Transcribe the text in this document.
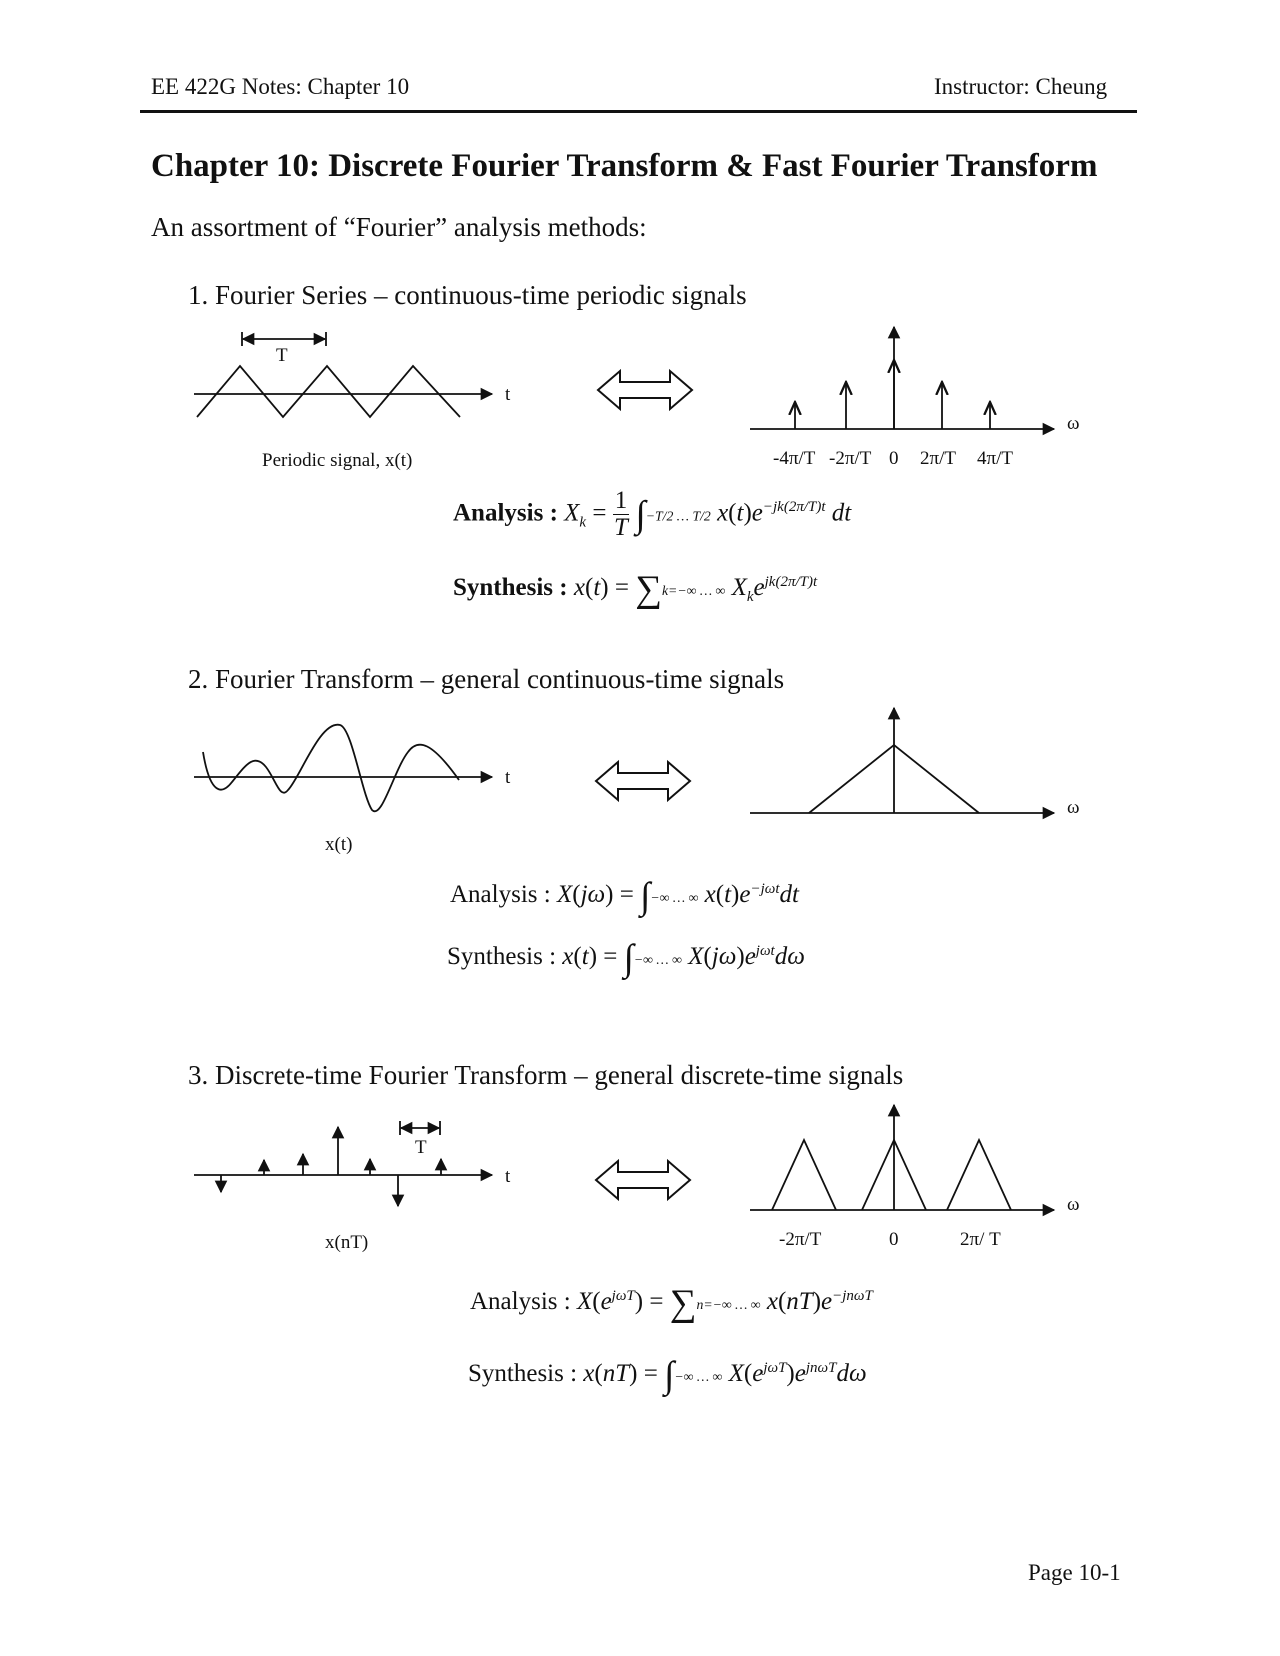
EE 422G Notes: Chapter 10	Instructor: Cheung
Chapter 10: Discrete Fourier Transform & Fast Fourier Transform
An assortment of “Fourier” analysis methods:
1. Fourier Series – continuous-time periodic signals
2. Fourier Transform – general continuous-time signals
3. Discrete-time Fourier Transform – general discrete-time signals
T
t
ω
-4π/T -2π/T 0 2π/T 4π/T
Periodic signal, x(t)
t
x(t)
ω
T
t
x(nT)
ω
-2π/T	0	2π/ T
Analysis : $X_k = \frac{1}{T} \int-T/2$ … T/2 $x(t)e^{-jk(2\pi/T)t}$ dt
Synthesis : x(t) = ∑k=−∞ … ∞ $X_ke^{jk(2\pi/T)t}$
Analysis : X(jω) = ∫−∞ … ∞ $x(t)e^{-j\omega t}dt$
Synthesis : x(t) = ∫−∞ … ∞ $X(j\omega)e^{j\omega t}d\omega$
Analysis : $X(e^{j\omega T}) = \sum n=-\infty$ … ∞ $x(nT)e^{-jn\omega T}$
Synthesis : x(nT) = ∫−∞ … ∞ $X(e^{j\omega T})e^{jn\omega T}d\omega$
Page 10-1
